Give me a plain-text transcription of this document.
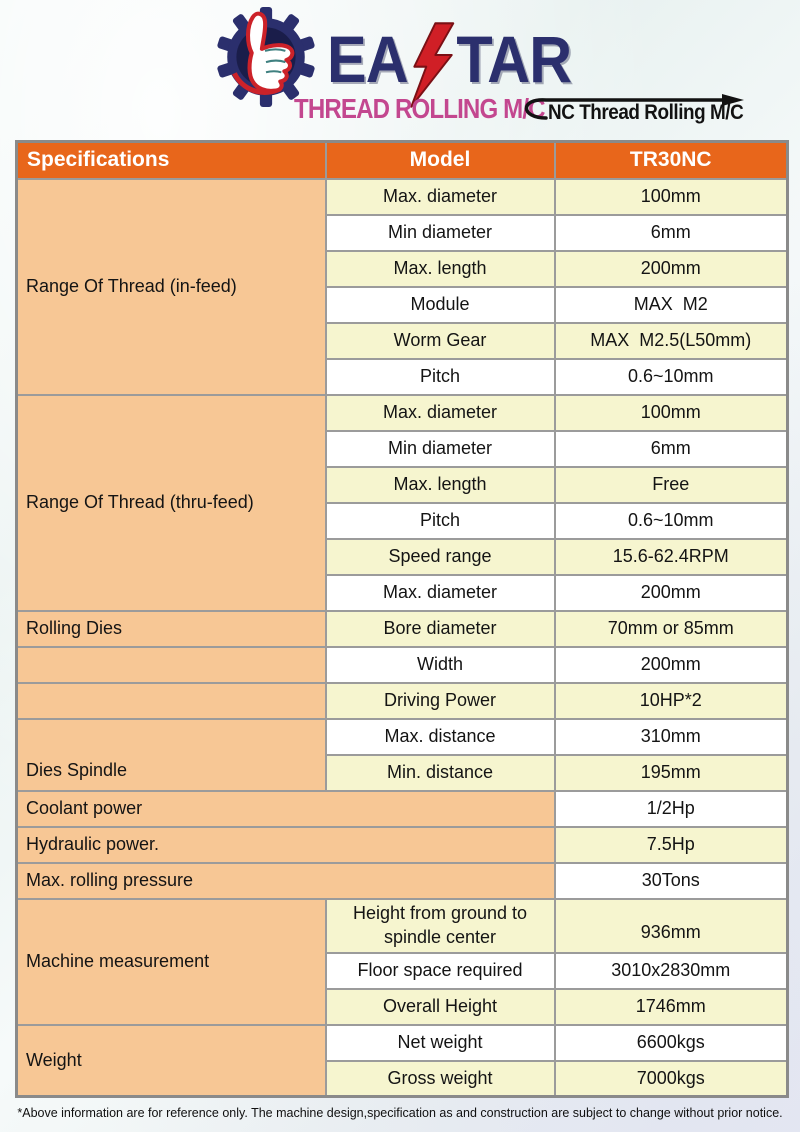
EA TAR
THREAD ROLLING M/C NC Thread Rolling M/C
Specifications	Model	TR30NC
Range Of Thread (in-feed)	Max. diameter	100mm
	Min diameter	6mm
	Max. length	200mm
	Module	MAX  M2
	Worm Gear	MAX  M2.5(L50mm)
	Pitch	0.6~10mm
Range Of Thread (thru-feed)	Max. diameter	100mm
	Min diameter	6mm
	Max. length	Free
	Pitch	0.6~10mm
	Speed range	15.6-62.4RPM
	Max. diameter	200mm
Rolling Dies	Bore diameter	70mm or 85mm
	Width	200mm
	Driving Power	10HP*2
Dies Spindle	Max. distance	310mm
	Min. distance	195mm
Coolant power		1/2Hp
Hydraulic power.		7.5Hp
Max. rolling pressure		30Tons
Machine measurement	Height from ground to spindle center	936mm
	Floor space required	3010x2830mm
	Overall Height	1746mm
Weight	Net weight	6600kgs
	Gross weight	7000kgs
*Above information are for reference only. The machine design,specification as and construction are subject to change without prior notice.
